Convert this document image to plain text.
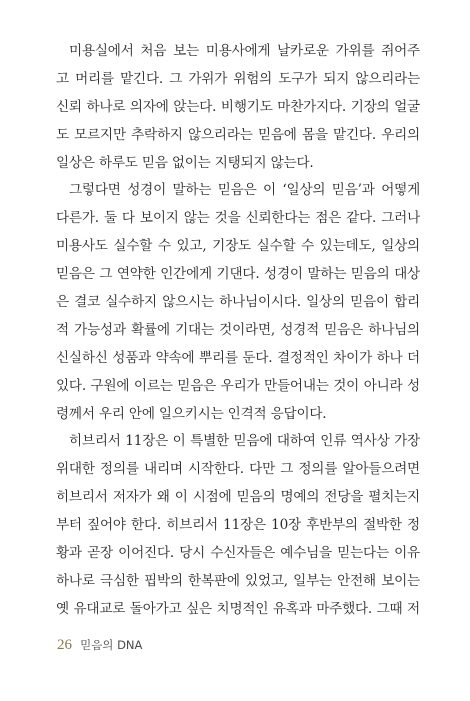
미용실에서 처음 보는 미용사에게 날카로운 가위를 쥐어주
고 머리를 맡긴다. 그 가위가 위험의 도구가 되지 않으리라는
신뢰 하나로 의자에 앉는다. 비행기도 마찬가지다. 기장의 얼굴
도 모르지만 추락하지 않으리라는 믿음에 몸을 맡긴다. 우리의
일상은 하루도 믿음 없이는 지탱되지 않는다.
그렇다면 성경이 말하는 믿음은 이 ‘일상의 믿음’과 어떻게
다른가. 둘 다 보이지 않는 것을 신뢰한다는 점은 같다. 그러나
미용사도 실수할 수 있고, 기장도 실수할 수 있는데도, 일상의
믿음은 그 연약한 인간에게 기댄다. 성경이 말하는 믿음의 대상
은 결코 실수하지 않으시는 하나님이시다. 일상의 믿음이 합리
적 가능성과 확률에 기대는 것이라면, 성경적 믿음은 하나님의
신실하신 성품과 약속에 뿌리를 둔다. 결정적인 차이가 하나 더
있다. 구원에 이르는 믿음은 우리가 만들어내는 것이 아니라 성
령께서 우리 안에 일으키시는 인격적 응답이다.
히브리서 11장은 이 특별한 믿음에 대하여 인류 역사상 가장
위대한 정의를 내리며 시작한다. 다만 그 정의를 알아들으려면
히브리서 저자가 왜 이 시점에 믿음의 명예의 전당을 펼치는지
부터 짚어야 한다. 히브리서 11장은 10장 후반부의 절박한 정
황과 곧장 이어진다. 당시 수신자들은 예수님을 믿는다는 이유
하나로 극심한 핍박의 한복판에 있었고, 일부는 안전해 보이는
옛 유대교로 돌아가고 싶은 치명적인 유혹과 마주했다. 그때 저
26 믿음의 DNA
